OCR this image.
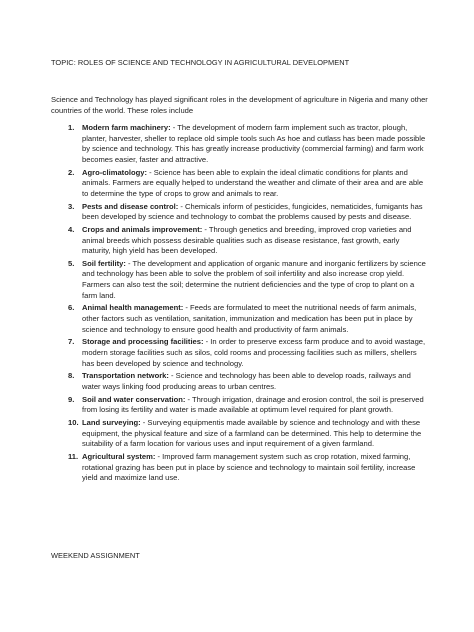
TOPIC: ROLES OF SCIENCE AND TECHNOLOGY IN AGRICULTURAL DEVELOPMENT
Science and Technology has played significant roles in the development of agriculture in Nigeria and many other countries of the world. These roles include
1. Modern farm machinery: - The development of modern farm implement such as tractor, plough, planter, harvester, sheller to replace old simple tools such As hoe and cutlass has been made possible by science and technology. This has greatly increase productivity (commercial farming) and farm work becomes easier, faster and attractive.
2. Agro-climatology: - Science has been able to explain the ideal climatic conditions for plants and animals. Farmers are equally helped to understand the weather and climate of their area and are able to determine the type of crops to grow and animals to rear.
3. Pests and disease control: - Chemicals inform of pesticides, fungicides, nematicides, fumigants has been developed by science and technology to combat the problems caused by pests and disease.
4. Crops and animals improvement: - Through genetics and breeding, improved crop varieties and animal breeds which possess desirable qualities such as disease resistance, fast growth, early maturity, high yield has been developed.
5. Soil fertility: - The development and application of organic manure and inorganic fertilizers by science and technology has been able to solve the problem of soil infertility and also increase crop yield. Farmers can also test the soil; determine the nutrient deficiencies and the type of crop to plant on a farm land.
6. Animal health management: - Feeds are formulated to meet the nutritional needs of farm animals, other factors such as ventilation, sanitation, immunization and medication has been put in place by science and technology to ensure good health and productivity of farm animals.
7. Storage and processing facilities: - In order to preserve excess farm produce and to avoid wastage, modern storage facilities such as silos, cold rooms and processing facilities such as millers, shellers has been developed by science and technology.
8. Transportation network: - Science and technology has been able to develop roads, railways and water ways linking food producing areas to urban centres.
9. Soil and water conservation: - Through irrigation, drainage and erosion control, the soil is preserved from losing its fertility and water is made available at optimum level required for plant growth.
10. Land surveying: - Surveying equipmentis made available by science and technology and with these equipment, the physical feature and size of a farmland can be determined. This help to determine the suitability of a farm location for various uses and input requirement of a given farmland.
11. Agricultural system: - Improved farm management system such as crop rotation, mixed farming, rotational grazing has been put in place by science and technology to maintain soil fertility, increase yield and maximize land use.
WEEKEND ASSIGNMENT
